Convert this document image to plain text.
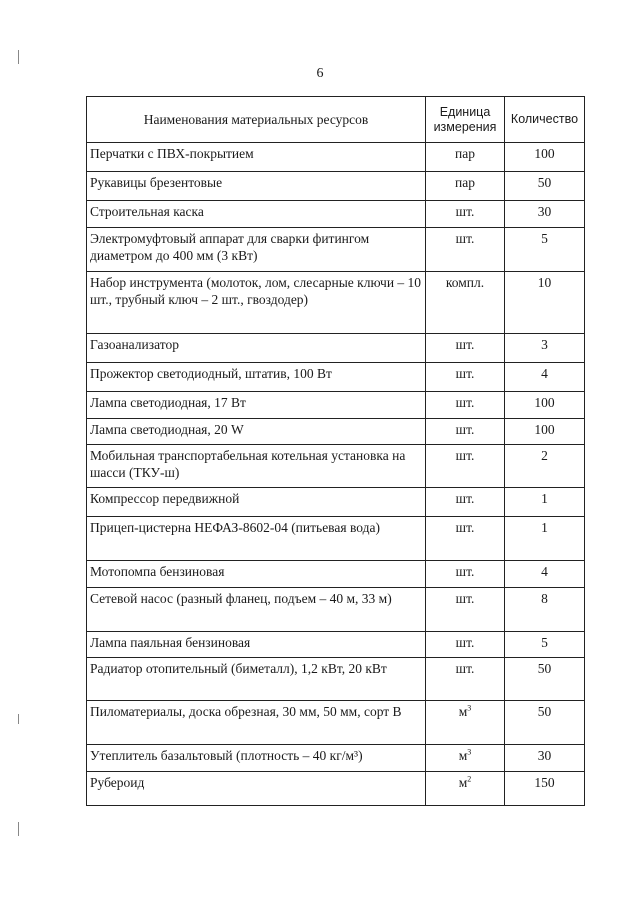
6
Наименования материальных ресурсов	Единица измерения	Количество
Перчатки с ПВХ-покрытием	пар	100
Рукавицы брезентовые	пар	50
Строительная каска	шт.	30
Электромуфтовый аппарат для сварки фитингом диаметром до 400 мм (3 кВт)	шт.	5
Набор инструмента (молоток, лом, слесарные ключи – 10 шт., трубный ключ – 2 шт., гвоздодер)	компл.	10
Газоанализатор	шт.	3
Прожектор светодиодный, штатив, 100 Вт	шт.	4
Лампа светодиодная, 17 Вт	шт.	100
Лампа светодиодная, 20 W	шт.	100
Мобильная транспортабельная котельная установка на шасси (ТКУ-ш)	шт.	2
Компрессор передвижной	шт.	1
Прицеп-цистерна НЕФАЗ-8602-04 (питьевая вода)	шт.	1
Мотопомпа бензиновая	шт.	4
Сетевой насос (разный фланец, подъем – 40 м, 33 м)	шт.	8
Лампа паяльная бензиновая	шт.	5
Радиатор отопительный (биметалл), 1,2 кВт, 20 кВт	шт.	50
Пиломатериалы, доска обрезная, 30 мм, 50 мм, сорт В	$м^3$	50
Утеплитель базальтовый (плотность – 40 кг/м³)	$м^3$	30
Рубероид	$м^2$	150
